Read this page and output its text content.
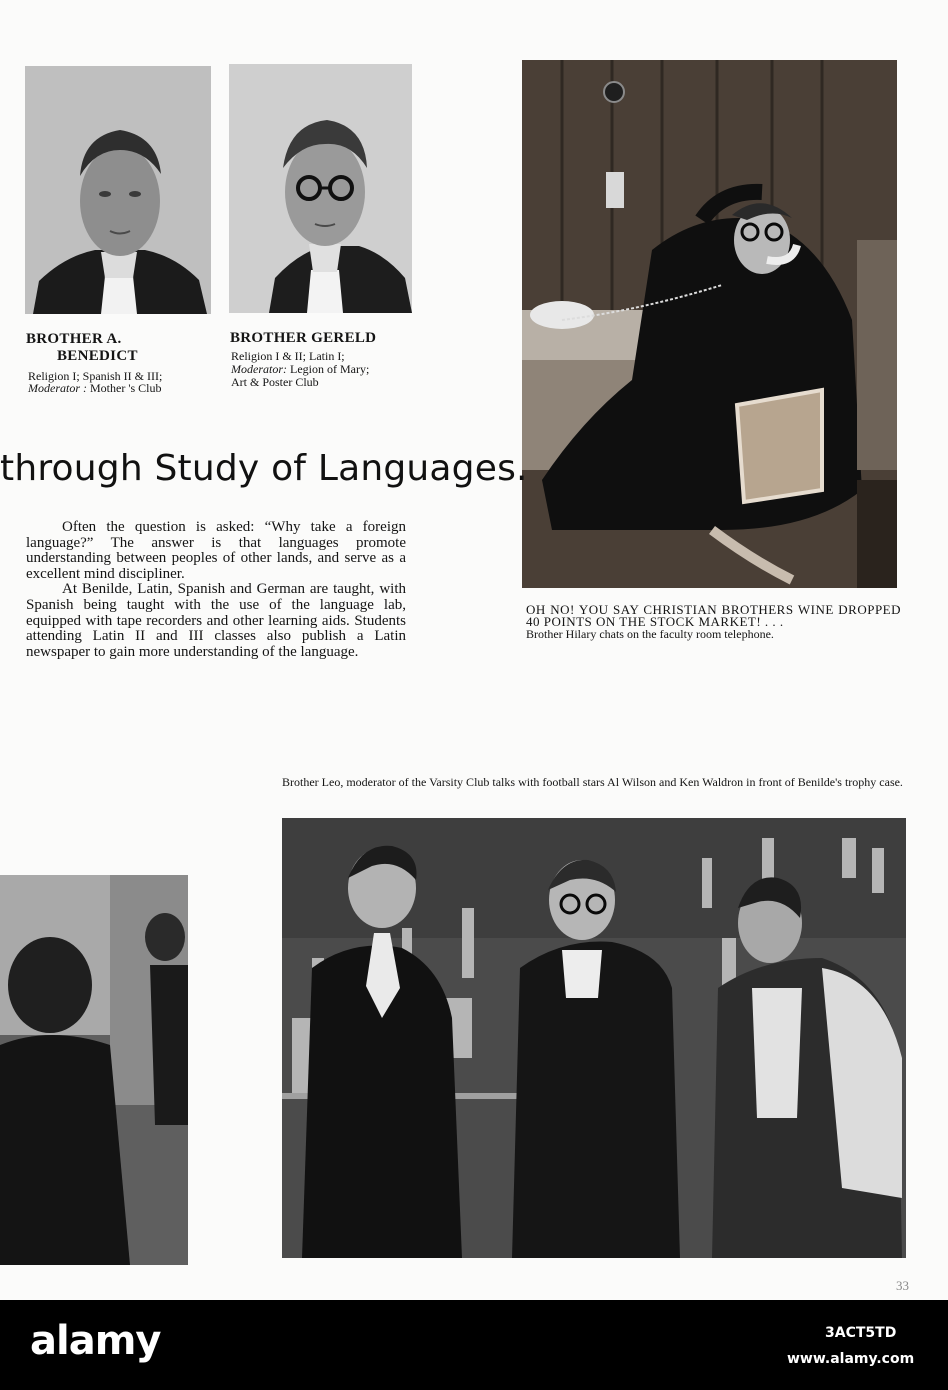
BROTHER A.
BENEDICT
Religion I; Spanish II & III;
Moderator : Mother 's Club
BROTHER GERELD
Religion I & II; Latin I;
Moderator: Legion of Mary;
Art & Poster Club
through Study of Languages.

Often the question is asked: “Why take a foreign language?” The answer is that languages promote understanding between peoples of other lands, and serve as a excellent mind discipliner.

At Benilde, Latin, Spanish and German are taught, with Spanish being taught with the use of the language lab, equipped with tape recorders and other learning aids. Students attending Latin II and III classes also publish a Latin newspaper to gain more understanding of the language.

OH NO! YOU SAY CHRISTIAN BROTHERS WINE DROPPED 40 POINTS ON THE STOCK MARKET! . . .
Brother Hilary chats on the faculty room telephone.
Brother Leo, moderator of the Varsity Club talks with football stars Al Wilson and Ken Waldron in front of Benilde's trophy case.
33
alamy	3ACT5TD
www.alamy.com
